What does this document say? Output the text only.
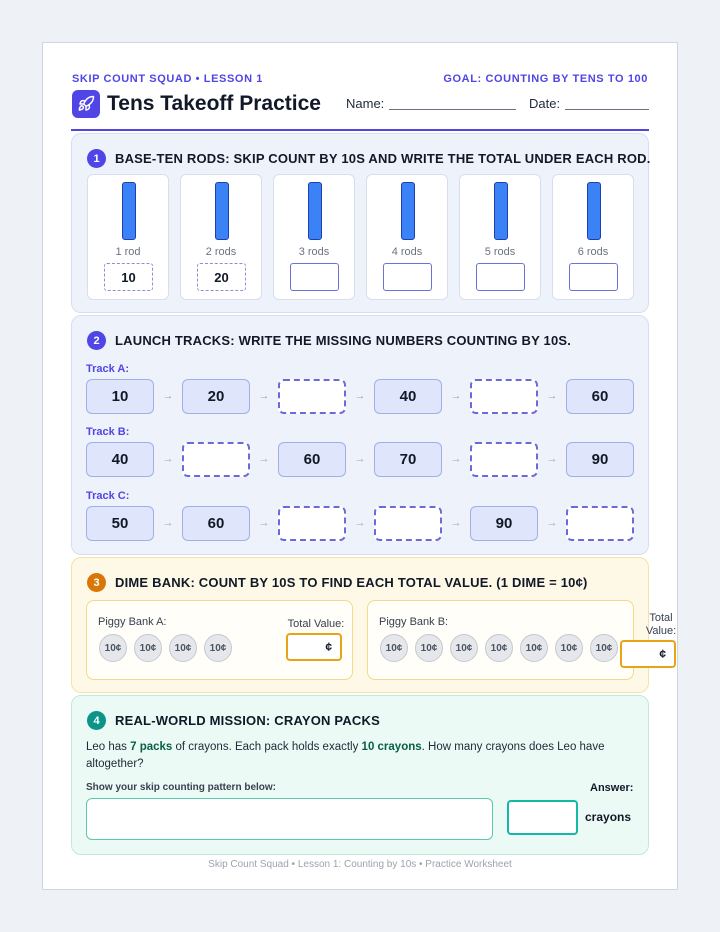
SKIP COUNT SQUAD • LESSON 1	GOAL: COUNTING BY TENS TO 100
Tens Takeoff Practice Name:	Date:
1	BASE-TEN RODS: SKIP COUNT BY 10S AND WRITE THE TOTAL UNDER EACH ROD.
1 rod
10
2 rods
20
3 rods	4 rods	5 rods	6 rods
2	LAUNCH TRACKS: WRITE THE MISSING NUMBERS COUNTING BY 10S.
Track A:
10	→	20	→	→	40	→	→	60
Track B:
40	→	→	60	→	70	→	→	90
Track C:
50	→	60	→	→	→	90	→
3	DIME BANK: COUNT BY 10S TO FIND EACH TOTAL VALUE. (1 DIME = 10¢)
Piggy Bank A:
10¢	10¢	10¢	10¢
Total Value:
¢
Piggy Bank B:
10¢	10¢	10¢	10¢	10¢	10¢	10¢
Total
Value:
¢
4	REAL-WORLD MISSION: CRAYON PACKS
Leo has 7 packs of crayons. Each pack holds exactly 10 crayons. How many crayons does Leo have altogether?
Show your skip counting pattern below:	Answer:
crayons
Skip Count Squad • Lesson 1: Counting by 10s • Practice Worksheet
